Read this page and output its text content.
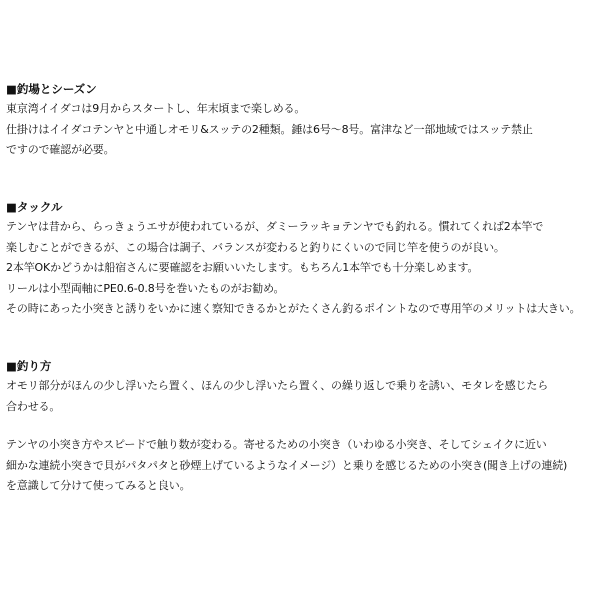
■釣場とシーズン
東京湾イイダコは9月からスタートし、年末頃まで楽しめる。
仕掛けはイイダコテンヤと中通しオモリ&スッテの2種類。錘は6号～8号。富津など一部地域ではスッテ禁止
ですので確認が必要。
■タックル
テンヤは昔から、らっきょうエサが使われているが、ダミーラッキョテンヤでも釣れる。慣れてくれば2本竿で
楽しむことができるが、この場合は調子、バランスが変わると釣りにくいので同じ竿を使うのが良い。
2本竿OKかどうかは船宿さんに要確認をお願いいたします。もちろん1本竿でも十分楽しめます。
リールは小型両軸にPE0.6-0.8号を巻いたものがお勧め。
その時にあった小突きと誘りをいかに速く察知できるかとがたくさん釣るポイントなので専用竿のメリットは大きい。
■釣り方
オモリ部分がほんの少し浮いたら置く、ほんの少し浮いたら置く、の繰り返しで乗りを誘い、モタレを感じたら
合わせる。
テンヤの小突き方やスピードで触り数が変わる。寄せるための小突き（いわゆる小突き、そしてシェイクに近い
細かな連続小突きで貝がパタパタと砂煙上げているようなイメージ）と乗りを感じるための小突き(聞き上げの連続)
を意識して分けて使ってみると良い。
